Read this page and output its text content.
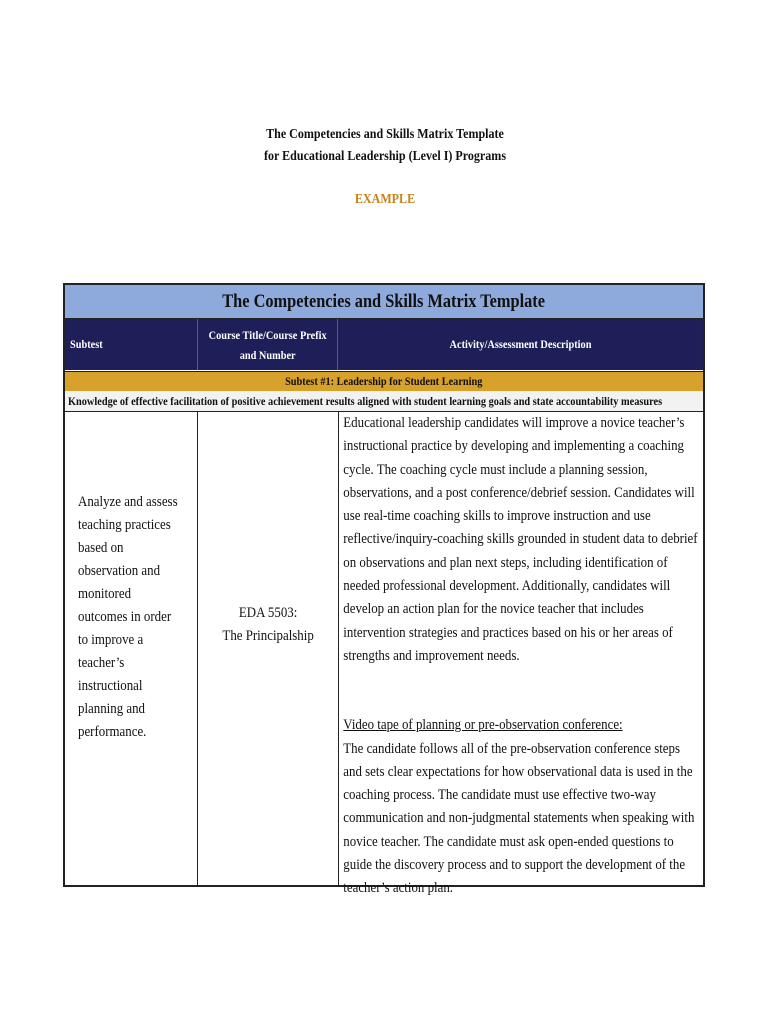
The Competencies and Skills Matrix Template
for Educational Leadership (Level I) Programs
EXAMPLE
The Competencies and Skills Matrix Template
Subtest
Course Title/Course Prefix
and Number
Activity/Assessment Description
Subtest #1: Leadership for Student Learning
Knowledge of effective facilitation of positive achievement results aligned with student learning goals and state accountability measures

Analyze and assess teaching practices based on observation and monitored outcomes in order to improve a teacher’s instructional planning and performance.

EDA 5503:
The Principalship

Educational leadership candidates will improve a novice teacher’s instructional practice by developing and implementing a coaching cycle. The coaching cycle must include a planning session, observations, and a post conference/debrief session. Candidates will use real-time coaching skills to improve instruction and use reflective/inquiry-coaching skills grounded in student data to debrief on observations and plan next steps, including identification of needed professional development. Additionally, candidates will develop an action plan for the novice teacher that includes intervention strategies and practices based on his or her areas of strengths and improvement needs.

Video tape of planning or pre-observation conference:

The candidate follows all of the pre-observation conference steps and sets clear expectations for how observational data is used in the coaching process. The candidate must use effective two-way communication and non-judgmental statements when speaking with novice teacher. The candidate must ask open-ended questions to guide the discovery process and to support the development of the teacher’s action plan.
